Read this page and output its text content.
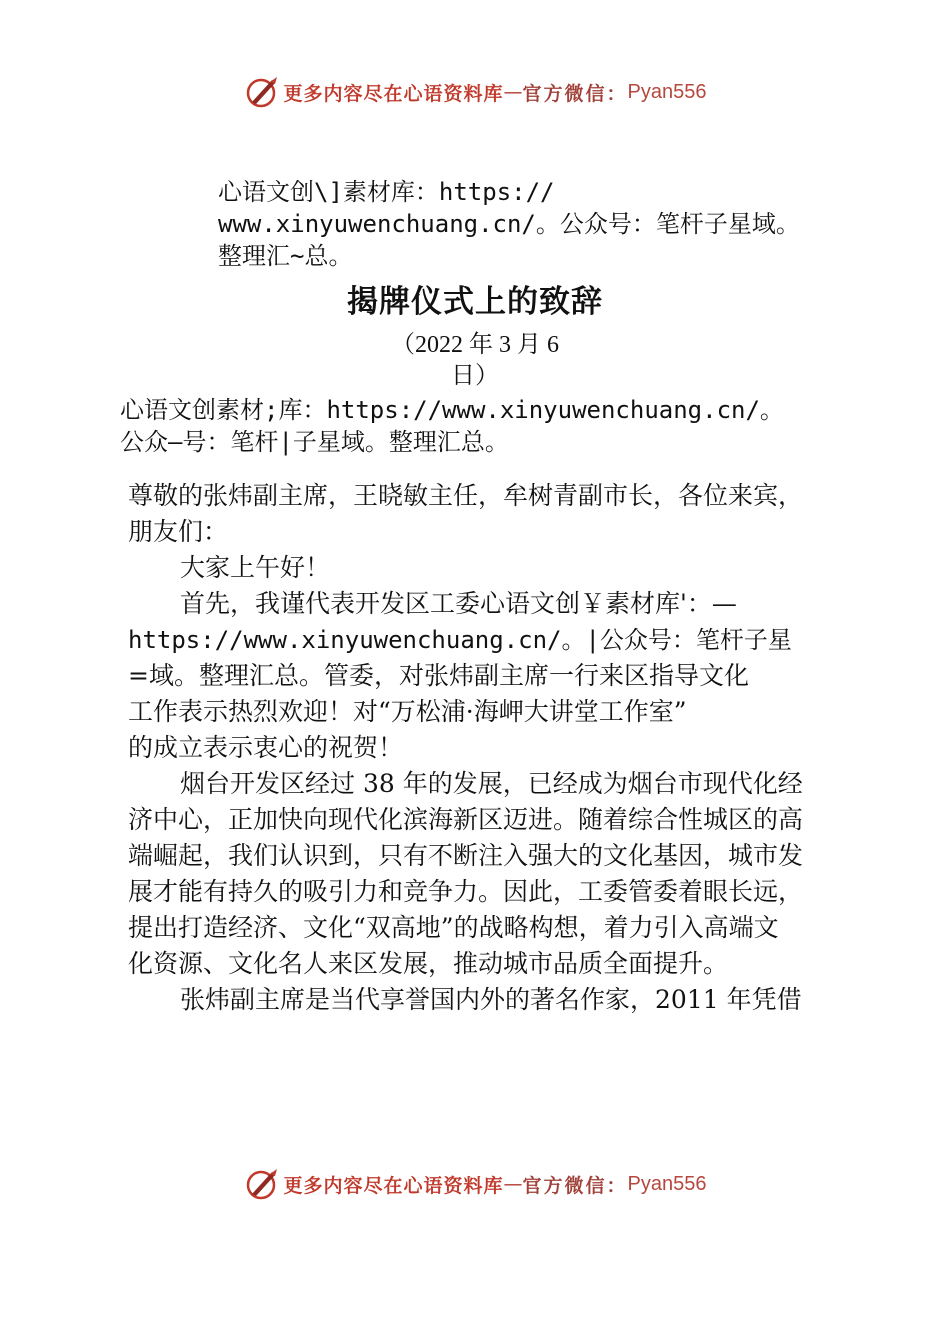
更多内容尽在心语资料库 — 官方微信： Pyan556
心语文创\]素材库：https://
www.xinyuwenchuang.cn/。公众号：笔杆子星域。
整理汇~总。
揭牌仪式上的致辞
（2022 年 3 月 6
日）
心语文创素材;库：https://www.xinyuwenchuang.cn/。
公众—号：笔杆|子星域。整理汇总。
尊敬的张炜副主席，王晓敏主任，牟树青副市长，各位来宾，
朋友们：
大家上午好！
首先，我谨代表开发区工委心语文创￥素材库'：—
https://www.xinyuwenchuang.cn/。|公众号：笔杆子星
=域。整理汇总。管委，对张炜副主席一行来区指导文化
工作表示热烈欢迎！对“万松浦·海岬大讲堂工作室”
的成立表示衷心的祝贺！
烟台开发区经过 38 年的发展，已经成为烟台市现代化经
济中心，正加快向现代化滨海新区迈进。随着综合性城区的高
端崛起，我们认识到，只有不断注入强大的文化基因，城市发
展才能有持久的吸引力和竞争力。因此，工委管委着眼长远，
提出打造经济、文化“双高地”的战略构想，着力引入高端文
化资源、文化名人来区发展，推动城市品质全面提升。
张炜副主席是当代享誉国内外的著名作家，2011 年凭借
更多内容尽在心语资料库 — 官方微信： Pyan556
